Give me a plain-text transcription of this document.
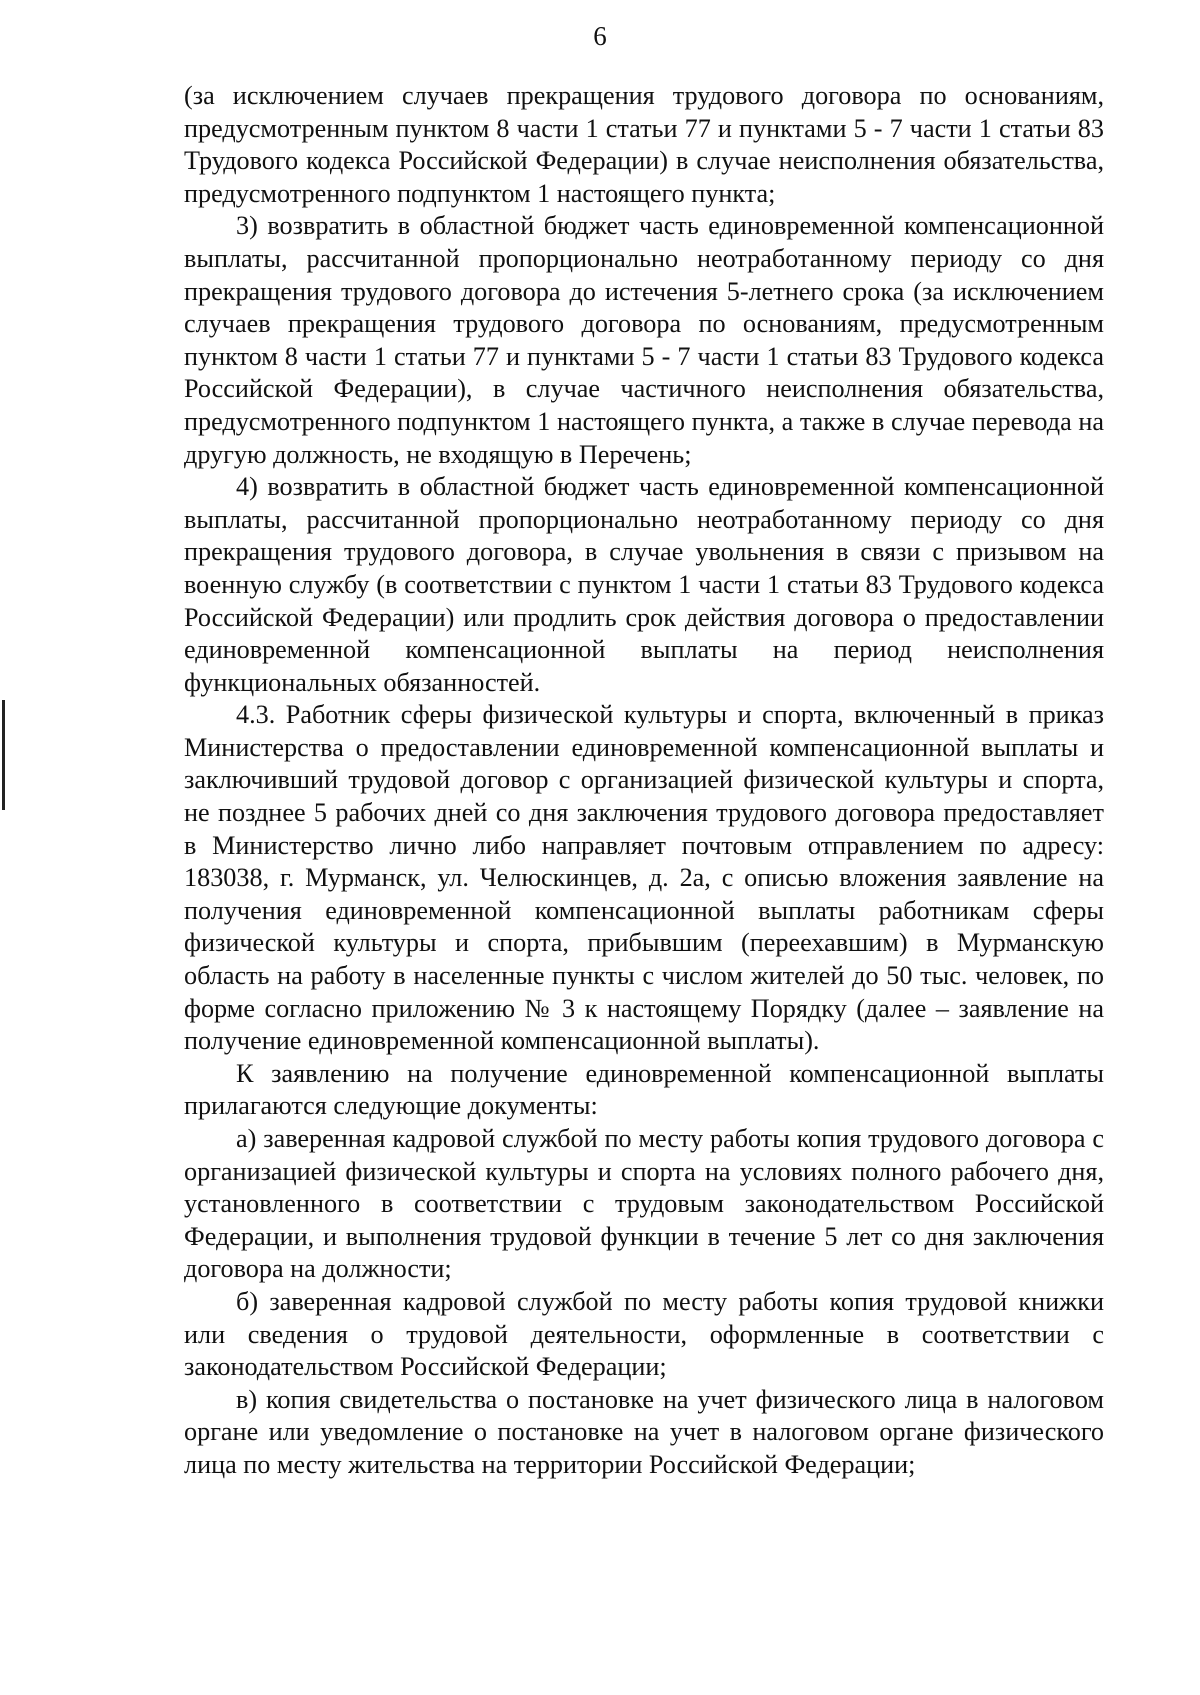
6

(за исключением случаев прекращения трудового договора по основаниям, предусмотренным пунктом 8 части 1 статьи 77 и пунктами 5 - 7 части 1 статьи 83 Трудового кодекса Российской Федерации) в случае неисполнения обязательства, предусмотренного подпунктом 1 настоящего пункта;

3) возвратить в областной бюджет часть единовременной компенсационной выплаты, рассчитанной пропорционально неотработанному периоду со дня прекращения трудового договора до истечения 5-летнего срока (за исключением случаев прекращения трудового договора по основаниям, предусмотренным пунктом 8 части 1 статьи 77 и пунктами 5 - 7 части 1 статьи 83 Трудового кодекса Российской Федерации), в случае частичного неисполнения обязательства, предусмотренного подпунктом 1 настоящего пункта, а также в случае перевода на другую должность, не входящую в Перечень;

4) возвратить в областной бюджет часть единовременной компенсационной выплаты, рассчитанной пропорционально неотработанному периоду со дня прекращения трудового договора, в случае увольнения в связи с призывом на военную службу (в соответствии с пунктом 1 части 1 статьи 83 Трудового кодекса Российской Федерации) или продлить срок действия договора о предоставлении единовременной компенсационной выплаты на период неисполнения функциональных обязанностей.

4.3. Работник сферы физической культуры и спорта, включенный в приказ Министерства о предоставлении единовременной компенсационной выплаты и заключивший трудовой договор с организацией физической культуры и спорта, не позднее 5 рабочих дней со дня заключения трудового договора предоставляет в Министерство лично либо направляет почтовым отправлением по адресу: 183038, г. Мурманск, ул. Челюскинцев, д. 2а, с описью вложения заявление на получения единовременной компенсационной выплаты работникам сферы физической культуры и спорта, прибывшим (переехавшим) в Мурманскую область на работу в населенные пункты с числом жителей до 50 тыс. человек, по форме согласно приложению № 3 к настоящему Порядку (далее – заявление на получение единовременной компенсационной выплаты).

К заявлению на получение единовременной компенсационной выплаты прилагаются следующие документы:

а) заверенная кадровой службой по месту работы копия трудового договора с организацией физической культуры и спорта на условиях полного рабочего дня, установленного в соответствии с трудовым законодательством Российской Федерации, и выполнения трудовой функции в течение 5 лет со дня заключения договора на должности;

б) заверенная кадровой службой по месту работы копия трудовой книжки или сведения о трудовой деятельности, оформленные в соответствии с законодательством Российской Федерации;

в) копия свидетельства о постановке на учет физического лица в налоговом органе или уведомление о постановке на учет в налоговом органе физического лица по месту жительства на территории Российской Федерации;
